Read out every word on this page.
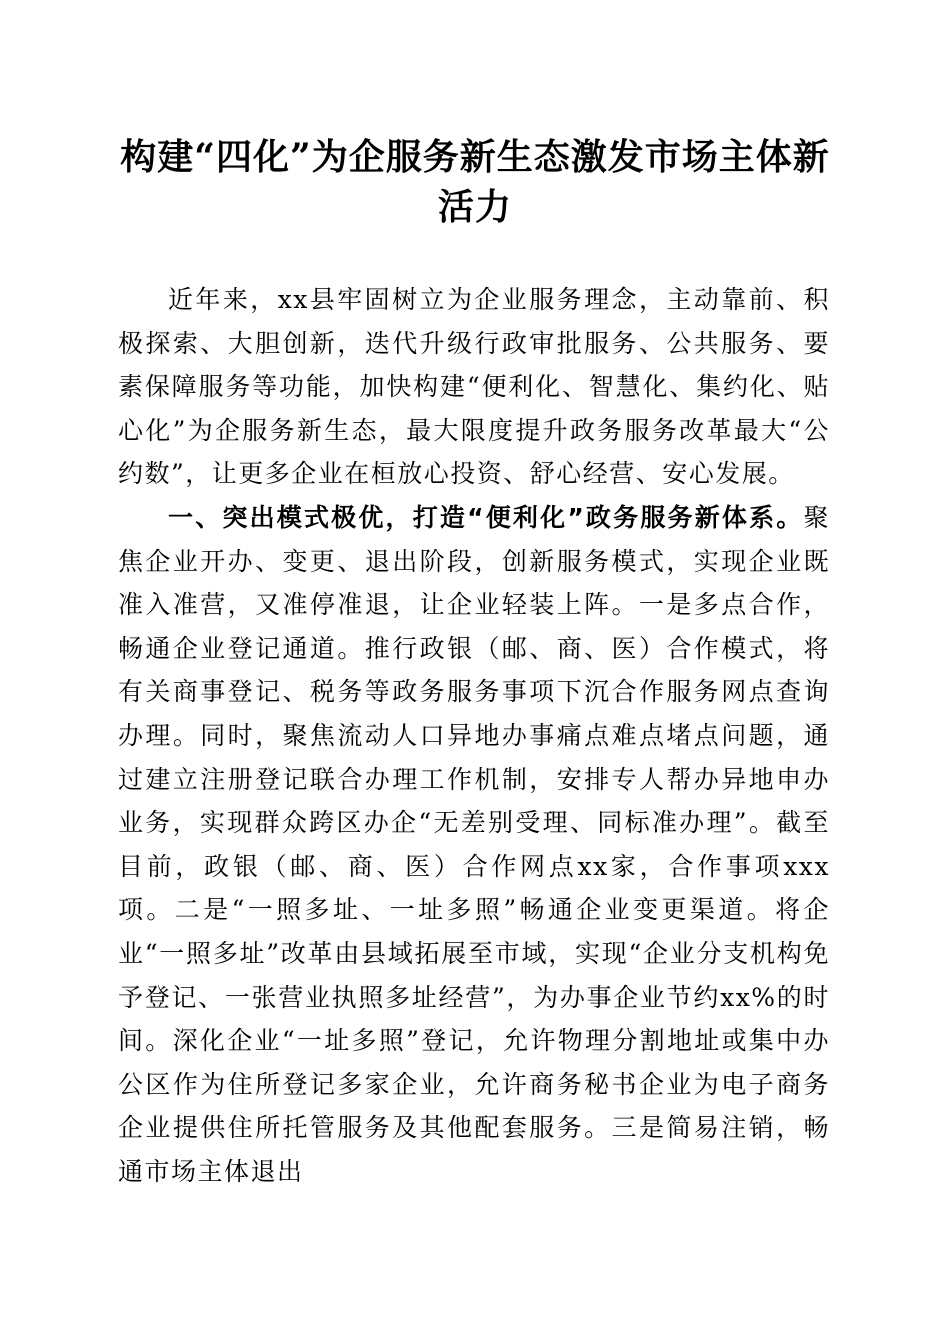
构建“四化”为企服务新生态激发市场主体新活力

近年来，xx县牢固树立为企业服务理念，主动靠前、积极探索、大胆创新，迭代升级行政审批服务、公共服务、要素保障服务等功能，加快构建“便利化、智慧化、集约化、贴心化”为企服务新生态，最大限度提升政务服务改革最大“公约数”，让更多企业在桓放心投资、舒心经营、安心发展。

一、突出模式极优，打造“便利化”政务服务新体系。聚焦企业开办、变更、退出阶段，创新服务模式，实现企业既准入准营，又准停准退，让企业轻装上阵。一是多点合作，畅通企业登记通道。推行政银（邮、商、医）合作模式，将有关商事登记、税务等政务服务事项下沉合作服务网点查询办理。同时，聚焦流动人口异地办事痛点难点堵点问题，通过建立注册登记联合办理工作机制，安排专人帮办异地申办业务，实现群众跨区办企“无差别受理、同标准办理”。截至目前，政银（邮、商、医）合作网点xx家，合作事项xxx项。二是“一照多址、一址多照”畅通企业变更渠道。将企业“一照多址”改革由县域拓展至市域，实现“企业分支机构免予登记、一张营业执照多址经营”，为办事企业节约xx%的时间。深化企业“一址多照”登记，允许物理分割地址或集中办公区作为住所登记多家企业，允许商务秘书企业为电子商务企业提供住所托管服务及其他配套服务。三是简易注销，畅通市场主体退出
